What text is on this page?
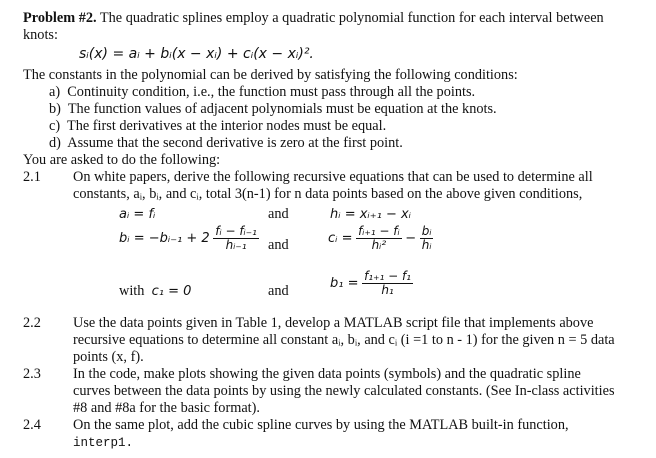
Problem #2. The quadratic splines employ a quadratic polynomial function for each interval between
knots:
sᵢ(x) = aᵢ + bᵢ(x − xᵢ) + cᵢ(x − xᵢ)².
The constants in the polynomial can be derived by satisfying the following conditions:
a) Continuity condition, i.e., the function must pass through all the points.
b) The function values of adjacent polynomials must be equation at the knots.
c) The first derivatives at the interior nodes must be equal.
d) Assume that the second derivative is zero at the first point.
You are asked to do the following:
2.1 On white papers, derive the following recursive equations that can be used to determine all
constants, aᵢ, bᵢ, and cᵢ, total 3(n-1) for n data points based on the above given conditions,
aᵢ = fᵢ	and	hᵢ = xᵢ₊₁ − xᵢ
bᵢ = −bᵢ₋₁ + $2 \frac{\text{fᵢ − fᵢ₋₁}}{\text{hᵢ₋₁}}$ and	cᵢ = $\frac{\text{fᵢ₊₁ − fᵢ}}{\text{hᵢ²}} - \frac{\text{bᵢ}}{\text{hᵢ}}$
with c₁ = 0	and	$b_1 = \frac{\text{f₁₊₁ − f₁}}{\text{h₁}}$
2.2 Use the data points given in Table 1, develop a MATLAB script file that implements above
recursive equations to determine all constant aᵢ, bᵢ, and cᵢ (i =1 to n - 1) for the given n = 5 data
points (x, f).
2.3 In the code, make plots showing the given data points (symbols) and the quadratic spline
curves between the data points by using the newly calculated constants. (See In-class activities
#8 and #8a for the basic format).
2.4 On the same plot, add the cubic spline curves by using the MATLAB built-in function,
interp1.
